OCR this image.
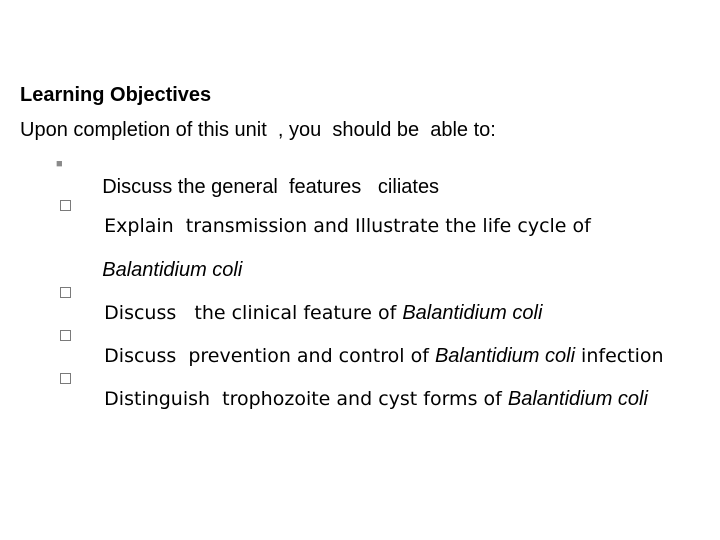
Learning Objectives
Upon completion of this unit  , you  should be  able to:
■

Discuss the general  features   ciliates

Explain  transmission and Illustrate the life cycle of

Balantidium coli

Discuss   the clinical feature of Balantidium coli

Discuss  prevention and control of Balantidium coli infection

Distinguish  trophozoite and cyst forms of Balantidium coli
